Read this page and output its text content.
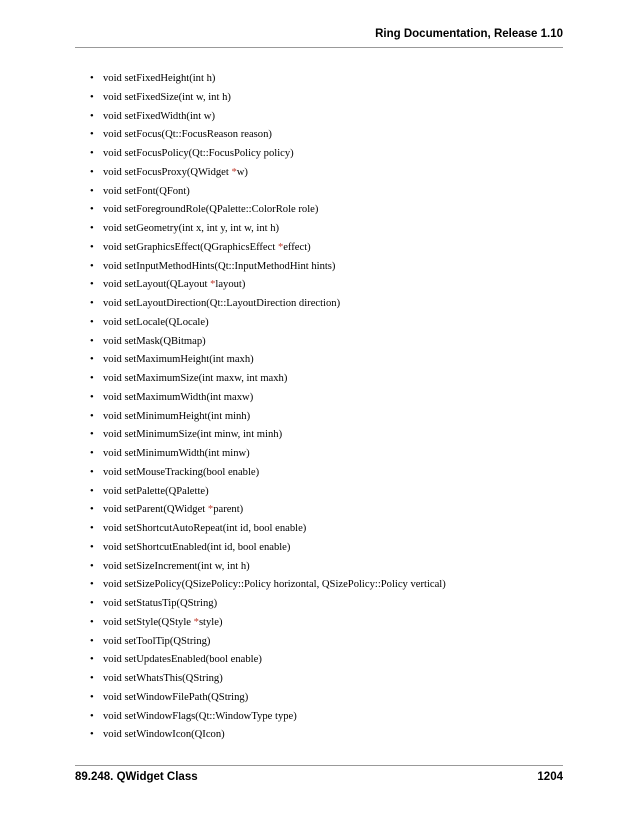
Ring Documentation, Release 1.10
• void setFixedHeight(int h)
• void setFixedSize(int w, int h)
• void setFixedWidth(int w)
• void setFocus(Qt::FocusReason reason)
• void setFocusPolicy(Qt::FocusPolicy policy)
• void setFocusProxy(QWidget *w)
• void setFont(QFont)
• void setForegroundRole(QPalette::ColorRole role)
• void setGeometry(int x, int y, int w, int h)
• void setGraphicsEffect(QGraphicsEffect *effect)
• void setInputMethodHints(Qt::InputMethodHint hints)
• void setLayout(QLayout *layout)
• void setLayoutDirection(Qt::LayoutDirection direction)
• void setLocale(QLocale)
• void setMask(QBitmap)
• void setMaximumHeight(int maxh)
• void setMaximumSize(int maxw, int maxh)
• void setMaximumWidth(int maxw)
• void setMinimumHeight(int minh)
• void setMinimumSize(int minw, int minh)
• void setMinimumWidth(int minw)
• void setMouseTracking(bool enable)
• void setPalette(QPalette)
• void setParent(QWidget *parent)
• void setShortcutAutoRepeat(int id, bool enable)
• void setShortcutEnabled(int id, bool enable)
• void setSizeIncrement(int w, int h)
• void setSizePolicy(QSizePolicy::Policy horizontal, QSizePolicy::Policy vertical)
• void setStatusTip(QString)
• void setStyle(QStyle *style)
• void setToolTip(QString)
• void setUpdatesEnabled(bool enable)
• void setWhatsThis(QString)
• void setWindowFilePath(QString)
• void setWindowFlags(Qt::WindowType type)
• void setWindowIcon(QIcon)
89.248. QWidget Class	1204
